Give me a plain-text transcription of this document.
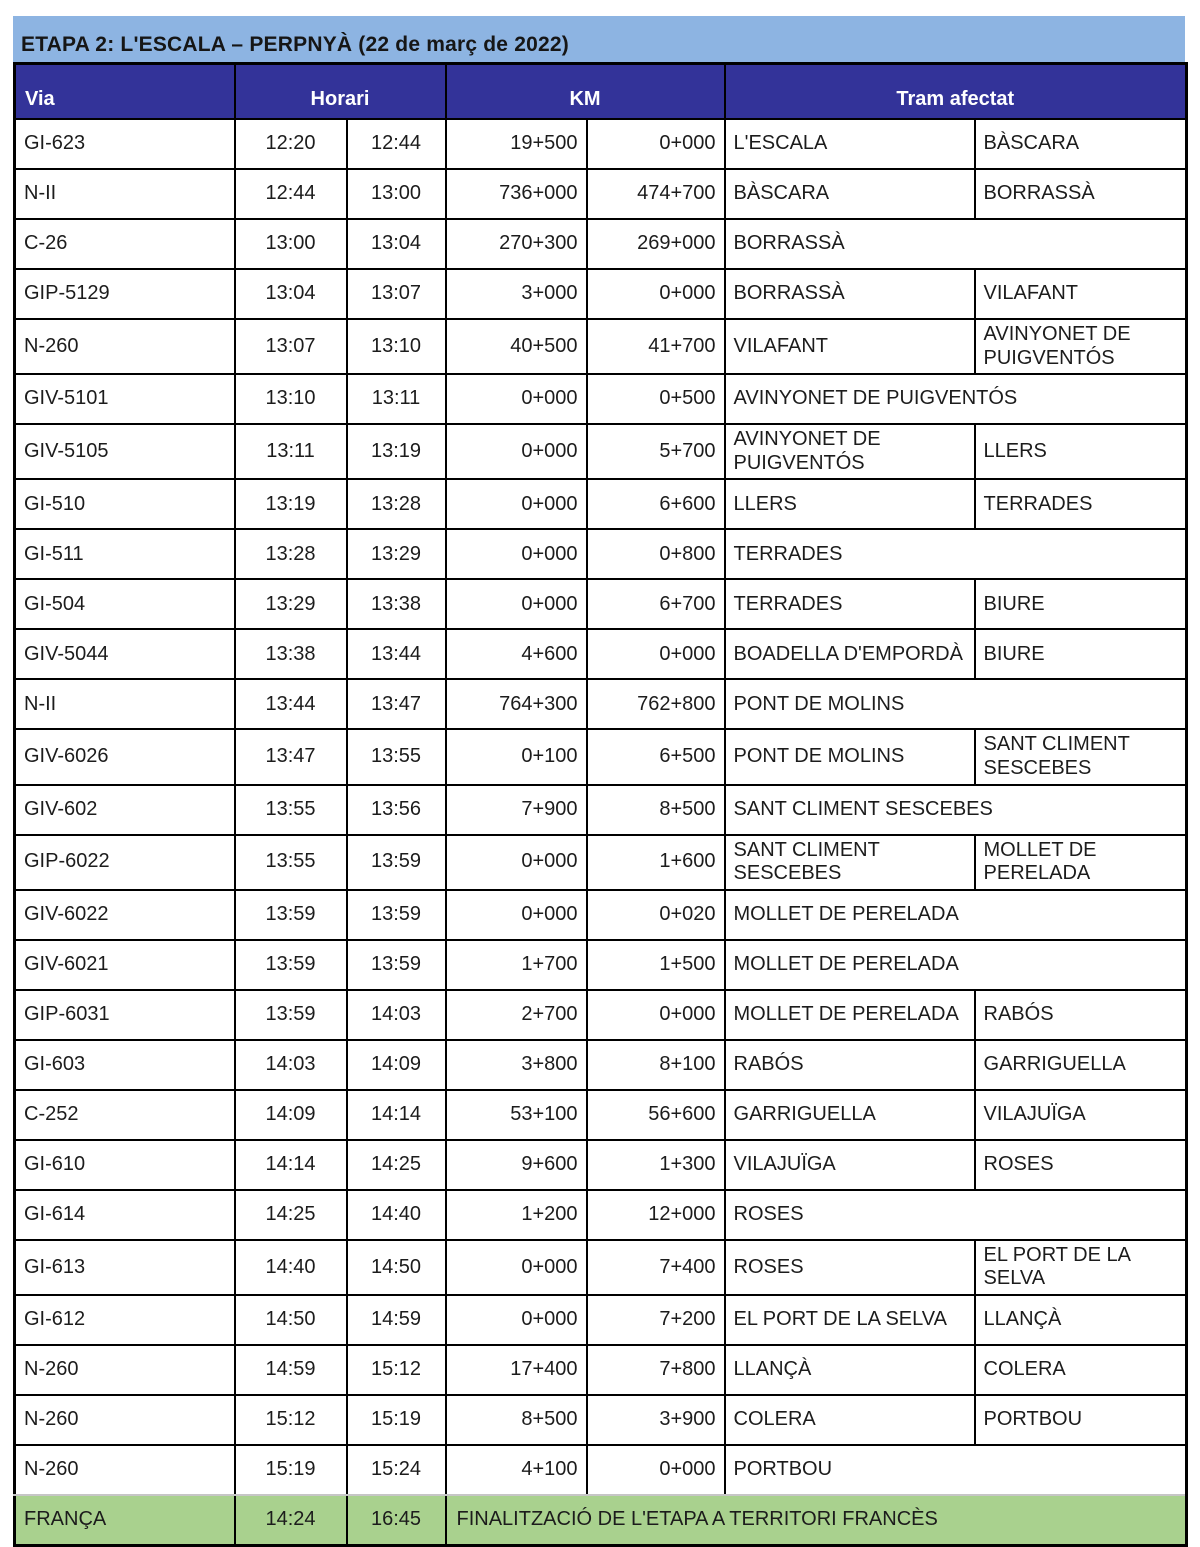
ETAPA 2: L'ESCALA – PERPNYÀ (22 de març de 2022)
Via	Horari		KM		Tram afectat	
GI-623	12:20	12:44	19+500	0+000	L'ESCALA	BÀSCARA
N-II	12:44	13:00	736+000	474+700	BÀSCARA	BORRASSÀ
C-26	13:00	13:04	270+300	269+000	BORRASSÀ	
GIP-5129	13:04	13:07	3+000	0+000	BORRASSÀ	VILAFANT
N-260	13:07	13:10	40+500	41+700	VILAFANT	AVINYONET DE PUIGVENTÓS
GIV-5101	13:10	13:11	0+000	0+500	AVINYONET DE PUIGVENTÓS	
GIV-5105	13:11	13:19	0+000	5+700	AVINYONET DE PUIGVENTÓS	LLERS
GI-510	13:19	13:28	0+000	6+600	LLERS	TERRADES
GI-511	13:28	13:29	0+000	0+800	TERRADES	
GI-504	13:29	13:38	0+000	6+700	TERRADES	BIURE
GIV-5044	13:38	13:44	4+600	0+000	BOADELLA D'EMPORDÀ	BIURE
N-II	13:44	13:47	764+300	762+800	PONT DE MOLINS	
GIV-6026	13:47	13:55	0+100	6+500	PONT DE MOLINS	SANT CLIMENT SESCEBES
GIV-602	13:55	13:56	7+900	8+500	SANT CLIMENT SESCEBES	
GIP-6022	13:55	13:59	0+000	1+600	SANT CLIMENT SESCEBES	MOLLET DE PERELADA
GIV-6022	13:59	13:59	0+000	0+020	MOLLET DE PERELADA	
GIV-6021	13:59	13:59	1+700	1+500	MOLLET DE PERELADA	
GIP-6031	13:59	14:03	2+700	0+000	MOLLET DE PERELADA	RABÓS
GI-603	14:03	14:09	3+800	8+100	RABÓS	GARRIGUELLA
C-252	14:09	14:14	53+100	56+600	GARRIGUELLA	VILAJUÏGA
GI-610	14:14	14:25	9+600	1+300	VILAJUÏGA	ROSES
GI-614	14:25	14:40	1+200	12+000	ROSES	
GI-613	14:40	14:50	0+000	7+400	ROSES	EL PORT DE LA SELVA
GI-612	14:50	14:59	0+000	7+200	EL PORT DE LA SELVA	LLANÇÀ
N-260	14:59	15:12	17+400	7+800	LLANÇÀ	COLERA
N-260	15:12	15:19	8+500	3+900	COLERA	PORTBOU
N-260	15:19	15:24	4+100	0+000	PORTBOU	
FRANÇA	14:24	16:45	FINALITZACIÓ DE L'ETAPA A TERRITORI FRANCÈS			
